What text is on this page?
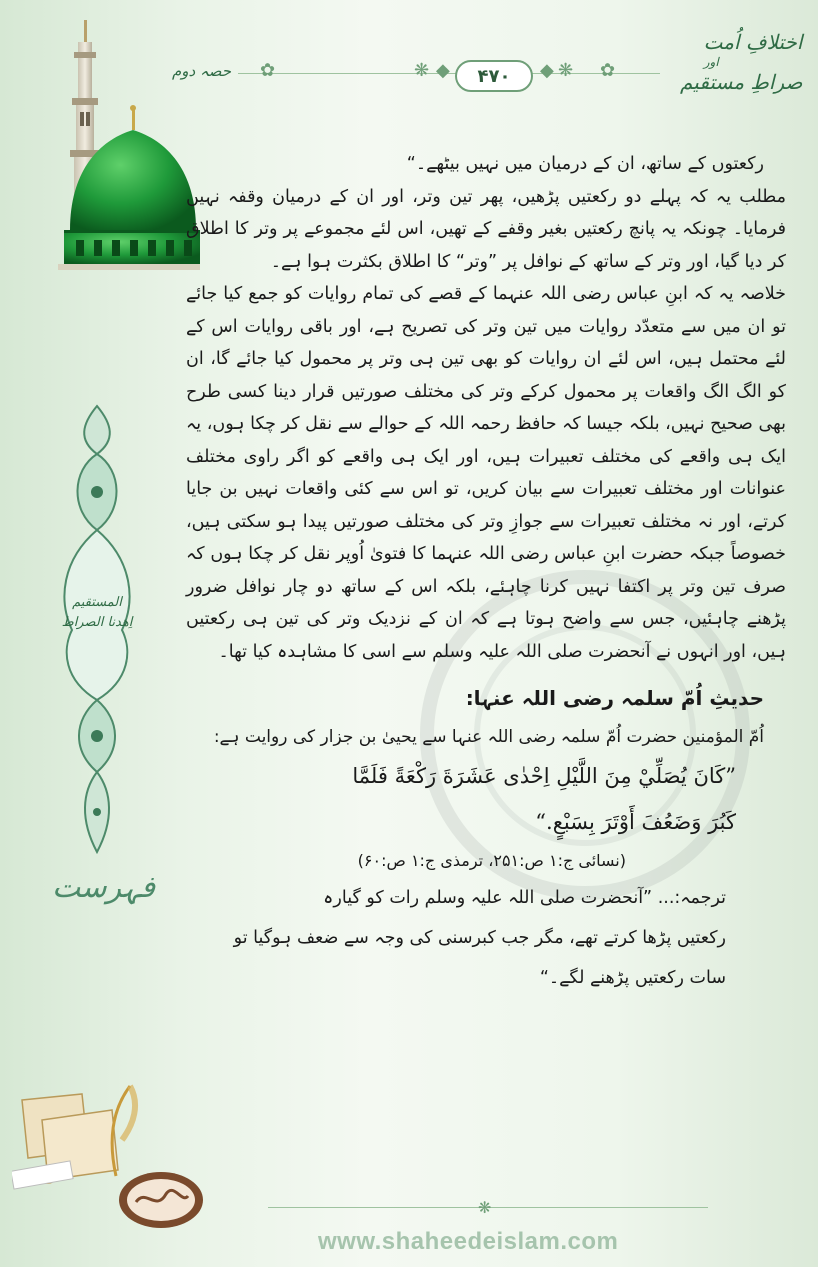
❋ ◆ ۴۷۰ ◆ ❋ ✿
✿
حصہ دوم
اختلافِ اُمت
اور
صراطِ مستقیم
المستقیم
اِھدنا الصراط
فہرست

رکعتوں کے ساتھ، ان کے درمیان میں نہیں بیٹھے۔“

مطلب یہ کہ پہلے دو رکعتیں پڑھیں، پھر تین وتر، اور ان کے درمیان وقفہ نہیں فرمایا۔ چونکہ یہ پانچ رکعتیں بغیر وقفے کے تھیں، اس لئے مجموعے پر وتر کا اطلاق کر دیا گیا، اور وتر کے ساتھ کے نوافل پر ”وتر“ کا اطلاق بکثرت ہوا ہے۔

خلاصہ یہ کہ ابنِ عباس رضی اللہ عنہما کے قصے کی تمام روایات کو جمع کیا جائے تو ان میں سے متعدّد روایات میں تین وتر کی تصریح ہے، اور باقی روایات اس کے لئے محتمل ہیں، اس لئے ان روایات کو بھی تین ہی وتر پر محمول کیا جائے گا، ان کو الگ الگ واقعات پر محمول کرکے وتر کی مختلف صورتیں قرار دینا کسی طرح بھی صحیح نہیں، بلکہ جیسا کہ حافظ رحمہ اللہ کے حوالے سے نقل کر چکا ہوں، یہ ایک ہی واقعے کی مختلف تعبیرات ہیں، اور ایک ہی واقعے کو اگر راوی مختلف عنوانات اور مختلف تعبیرات سے بیان کریں، تو اس سے کئی واقعات نہیں بن جایا کرتے، اور نہ مختلف تعبیرات سے جوازِ وتر کی مختلف صورتیں پیدا ہو سکتی ہیں، خصوصاً جبکہ حضرت ابنِ عباس رضی اللہ عنہما کا فتویٰ اُوپر نقل کر چکا ہوں کہ صرف تین وتر پر اکتفا نہیں کرنا چاہئے، بلکہ اس کے ساتھ دو چار نوافل ضرور پڑھنے چاہئیں، جس سے واضح ہوتا ہے کہ ان کے نزدیک وتر کی تین ہی رکعتیں ہیں، اور انہوں نے آنحضرت صلی اللہ علیہ وسلم سے اسی کا مشاہدہ کیا تھا۔

حدیثِ اُمّ سلمہ رضی اللہ عنہا:

اُمّ المؤمنین حضرت اُمّ سلمہ رضی اللہ عنہا سے یحییٰ بن جزار کی روایت ہے:

”كَانَ يُصَلِّيْ مِنَ اللَّيْلِ اِحْدٰى عَشَرَةَ رَكْعَةً فَلَمَّا

كَبُرَ وَضَعُفَ أَوْتَرَ بِسَبْعٍ.“

(نسائی ج:۱ ص:۲۵۱، ترمذی ج:۱ ص:۶۰)

ترجمہ:... ”آنحضرت صلی اللہ علیہ وسلم رات کو گیارہ

رکعتیں پڑھا کرتے تھے، مگر جب کبرسنی کی وجہ سے ضعف ہوگیا تو

سات رکعتیں پڑھنے لگے۔“

❋
www.shaheedeislam.com
